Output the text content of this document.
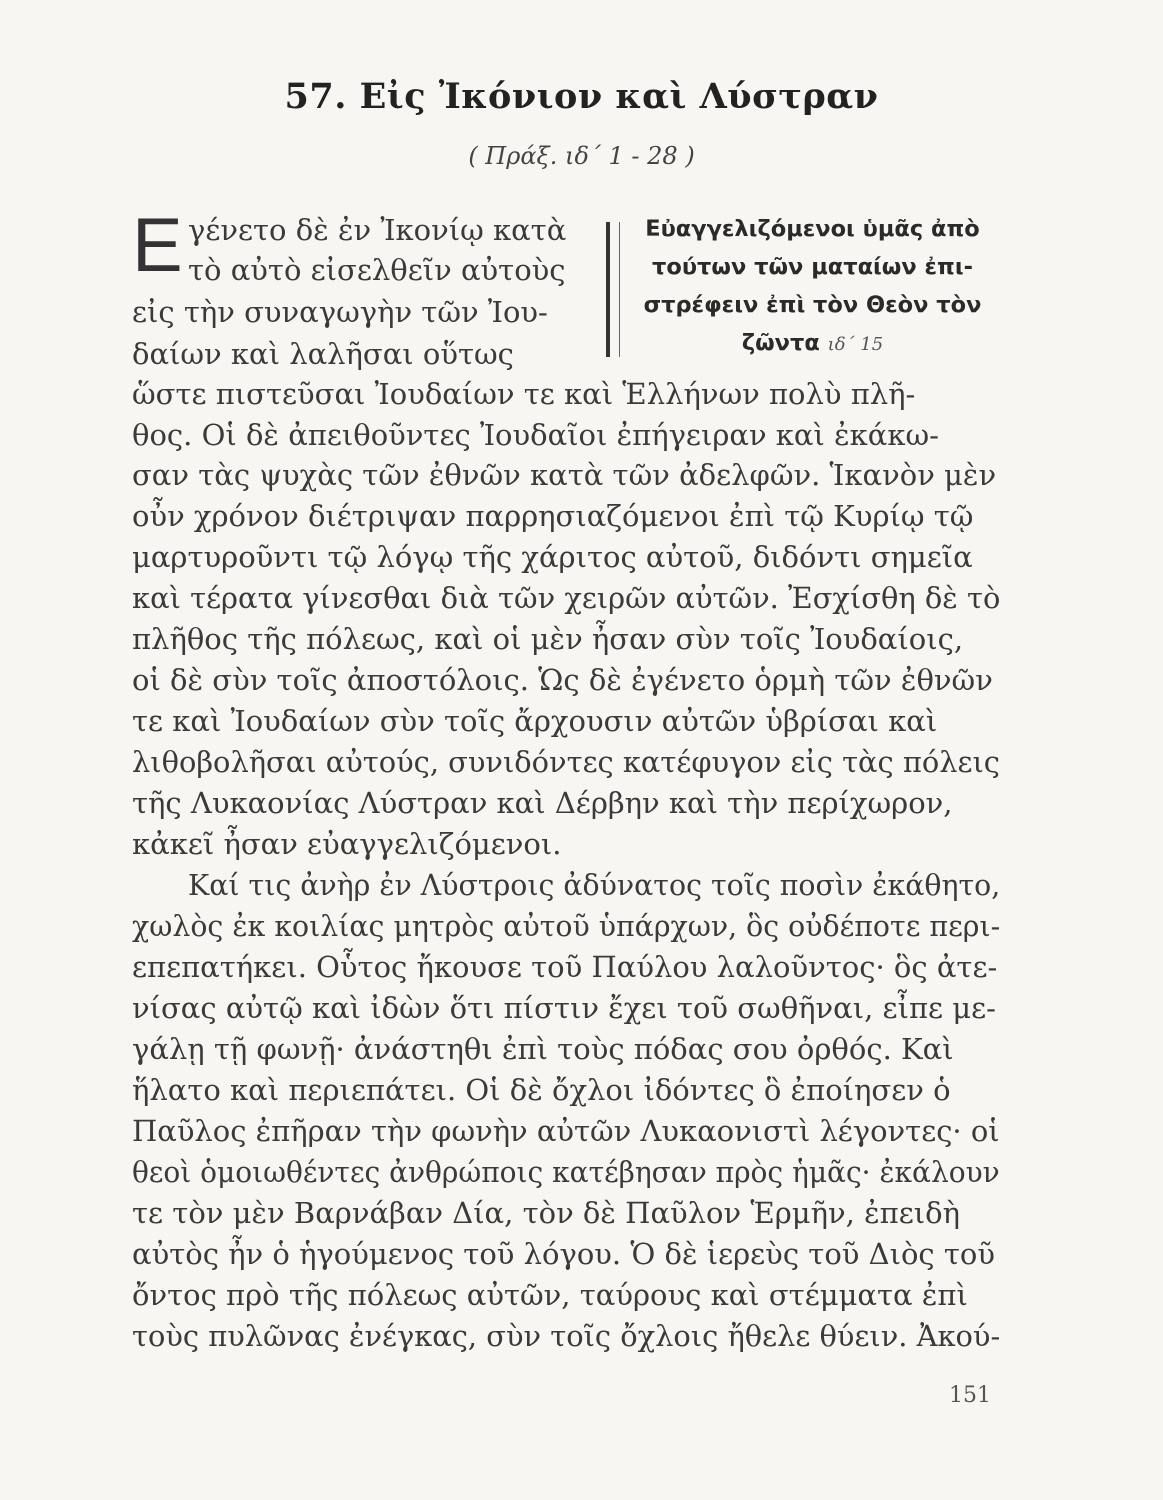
57. Εἰς Ἰκόνιον καὶ Λύστραν
( Πράξ. ιδ΄ 1 - 28 )
Ε γένετο δὲ ἐν Ἰκονίῳ κατὰ
τὸ αὐτὸ εἰσελθεῖν αὐτοὺς
εἰς τὴν συναγωγὴν τῶν Ἰου-
δαίων καὶ λαλῆσαι οὕτως
Εὐαγγελιζόμενοι ὑμᾶς ἀπὸ
τούτων τῶν ματαίων ἐπι-
στρέφειν ἐπὶ τὸν Θεὸν τὸν
ζῶντα ιδ΄ 15
ὥστε πιστεῦσαι Ἰουδαίων τε καὶ Ἑλλήνων πολὺ πλῆ-
θος. Οἱ δὲ ἀπειθοῦντες Ἰουδαῖοι ἐπήγειραν καὶ ἐκάκω-
σαν τὰς ψυχὰς τῶν ἐθνῶν κατὰ τῶν ἀδελφῶν. Ἱκανὸν μὲν
οὖν χρόνον διέτριψαν παρρησιαζόμενοι ἐπὶ τῷ Κυρίῳ τῷ
μαρτυροῦντι τῷ λόγῳ τῆς χάριτος αὐτοῦ, διδόντι σημεῖα
καὶ τέρατα γίνεσθαι διὰ τῶν χειρῶν αὐτῶν. Ἐσχίσθη δὲ τὸ
πλῆθος τῆς πόλεως, καὶ οἱ μὲν ἦσαν σὺν τοῖς Ἰουδαίοις,
οἱ δὲ σὺν τοῖς ἀποστόλοις. Ὡς δὲ ἐγένετο ὁρμὴ τῶν ἐθνῶν
τε καὶ Ἰουδαίων σὺν τοῖς ἄρχουσιν αὐτῶν ὑβρίσαι καὶ
λιθοβολῆσαι αὐτούς, συνιδόντες κατέφυγον εἰς τὰς πόλεις
τῆς Λυκαονίας Λύστραν καὶ Δέρβην καὶ τὴν περίχωρον,
κἀκεῖ ἦσαν εὐαγγελιζόμενοι.
Καί τις ἀνὴρ ἐν Λύστροις ἀδύνατος τοῖς ποσὶν ἐκάθητο,
χωλὸς ἐκ κοιλίας μητρὸς αὐτοῦ ὑπάρχων, ὃς οὐδέποτε περι-
επεπατήκει. Οὗτος ἤκουσε τοῦ Παύλου λαλοῦντος· ὃς ἀτε-
νίσας αὐτῷ καὶ ἰδὼν ὅτι πίστιν ἔχει τοῦ σωθῆναι, εἶπε με-
γάλῃ τῇ φωνῇ· ἀνάστηθι ἐπὶ τοὺς πόδας σου ὀρθός. Καὶ
ἥλατο καὶ περιεπάτει. Οἱ δὲ ὄχλοι ἰδόντες ὃ ἐποίησεν ὁ
Παῦλος ἐπῆραν τὴν φωνὴν αὐτῶν Λυκαονιστὶ λέγοντες· οἱ
θεοὶ ὁμοιωθέντες ἀνθρώποις κατέβησαν πρὸς ἡμᾶς· ἐκάλουν
τε τὸν μὲν Βαρνάβαν Δία, τὸν δὲ Παῦλον Ἑρμῆν, ἐπειδὴ
αὐτὸς ἦν ὁ ἡγούμενος τοῦ λόγου. Ὁ δὲ ἱερεὺς τοῦ Διὸς τοῦ
ὄντος πρὸ τῆς πόλεως αὐτῶν, ταύρους καὶ στέμματα ἐπὶ
τοὺς πυλῶνας ἐνέγκας, σὺν τοῖς ὄχλοις ἤθελε θύειν. Ἀκού-
151
